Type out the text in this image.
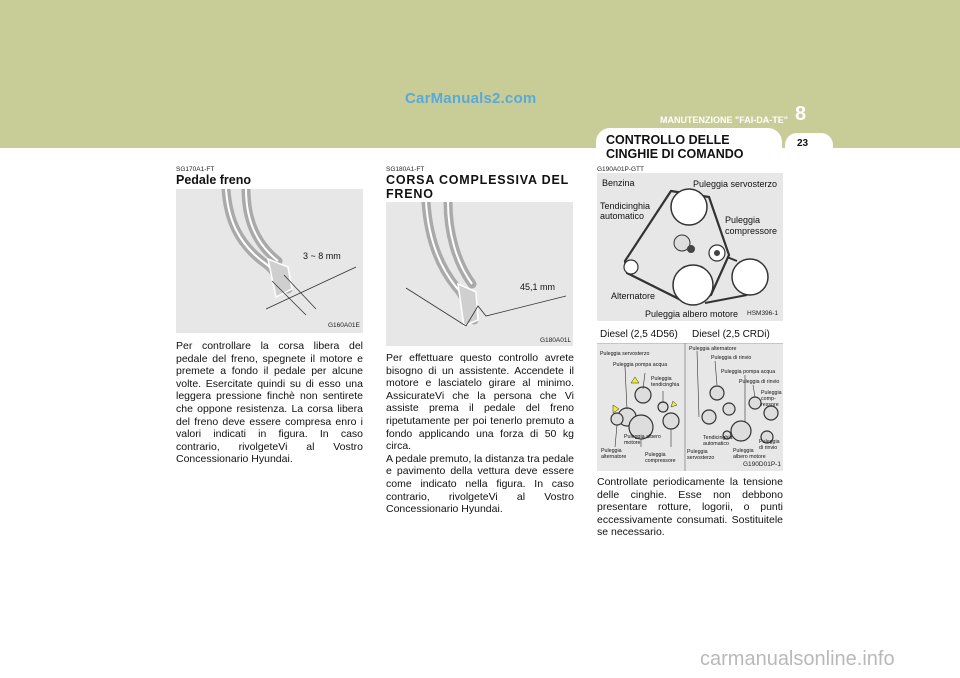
CarManuals2.com
MANUTENZIONE "FAI-DA-TE" 8
23
CONTROLLO DELLE CINGHIE DI COMANDO
SG170A1-FT
Pedale freno
3 ~ 8 mm
G160A01E
Per controllare la corsa libera del pedale del freno, spegnete il motore e premete a fondo il pedale per alcune volte. Esercitate quindi su di esso una leggera pressione finchè non sentirete che oppone resistenza. La corsa libera del freno deve essere compresa enro i valori indicati in figura. In caso contrario, rivolgeteVi al Vostro Concessionario Hyundai.
SG180A1-FT
CORSA COMPLESSIVA DEL FRENO
45,1 mm
G180A01L
Per effettuare questo controllo avrete bisogno di un assistente. Accendete il motore e lasciatelo girare al minimo. AssicurateVi che la persona che Vi assiste prema il pedale del freno ripetutamente per poi tenerlo premuto a fondo applicando una forza di 50 kg circa.
A pedale premuto, la distanza tra pedale e pavimento della vettura deve essere come indicato nella figura. In caso contrario, rivolgeteVi al Vostro Concessionario Hyundai.
G190A01P-GTT
Benzina	Puleggia servosterzo
Tendicinghia automatico	Puleggia compressore
Alternatore
Puleggia albero motore HSM396-1
Diesel (2,5 4D56) Diesel (2,5 CRDi)
Puleggia servosterzo
Puleggia pompa acqua
Puleggia tendicinghia
Puleggia albero motore
Puleggia alternatore	Puleggia compressore
Puleggia alternatore
Puleggia di rinvio
Puleggia pompa acqua
Puleggia di rinvio
Puleggia comp- ressore
Puleggia di rinvio
Puleggia servosterzo
Tendicinghia automatico
Puleggia albero motore
G190D01P-1
Controllate periodicamente la tensione delle cinghie. Esse non debbono presentare rotture, logorii, o punti eccessivamente consumati. Sostituitele se necessario.
carmanualsonline.info
